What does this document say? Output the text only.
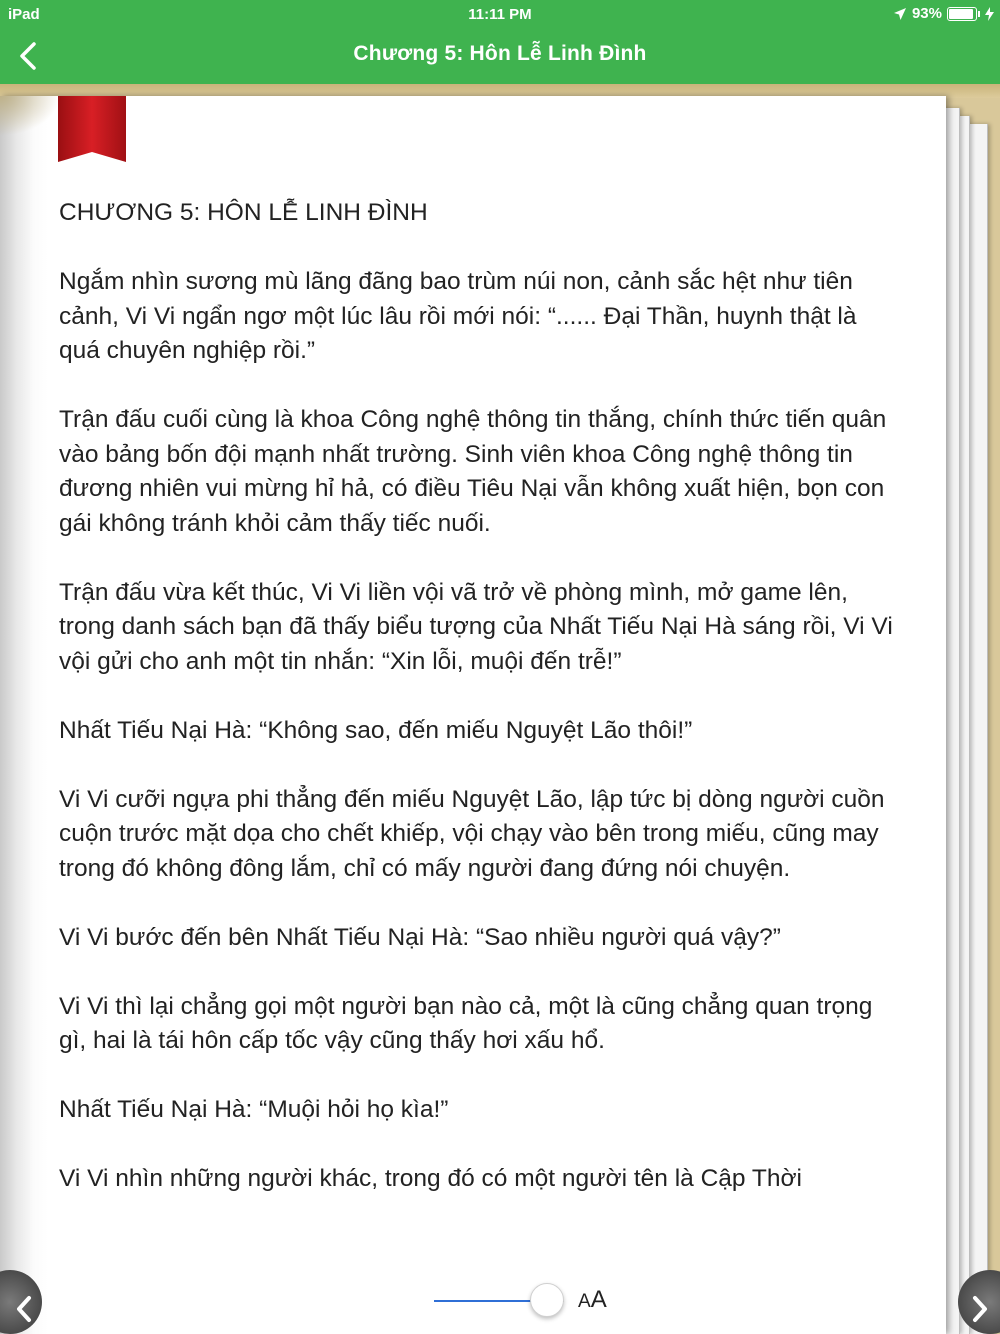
iPad	11:11 PM	93%
Chương 5: Hôn Lễ Linh Đình
CHƯƠNG 5: HÔN LỄ LINH ĐÌNH
Ngắm nhìn sương mù lãng đãng bao trùm núi non, cảnh sắc hệt như tiên cảnh, Vi Vi ngẩn ngơ một lúc lâu rồi mới nói: “...... Đại Thần, huynh thật là quá chuyên nghiệp rồi.”
Trận đấu cuối cùng là khoa Công nghệ thông tin thắng, chính thức tiến quân vào bảng bốn đội mạnh nhất trường. Sinh viên khoa Công nghệ thông tin đương nhiên vui mừng hỉ hả, có điều Tiêu Nại vẫn không xuất hiện, bọn con gái không tránh khỏi cảm thấy tiếc nuối.
Trận đấu vừa kết thúc, Vi Vi liền vội vã trở về phòng mình, mở game lên, trong danh sách bạn đã thấy biểu tượng của Nhất Tiếu Nại Hà sáng rồi, Vi Vi vội gửi cho anh một tin nhắn: “Xin lỗi, muội đến trễ!”
Nhất Tiếu Nại Hà: “Không sao, đến miếu Nguyệt Lão thôi!”
Vi Vi cưỡi ngựa phi thẳng đến miếu Nguyệt Lão, lập tức bị dòng người cuồn cuộn trước mặt dọa cho chết khiếp, vội chạy vào bên trong miếu, cũng may trong đó không đông lắm, chỉ có mấy người đang đứng nói chuyện.
Vi Vi bước đến bên Nhất Tiếu Nại Hà: “Sao nhiều người quá vậy?”
Vi Vi thì lại chẳng gọi một người bạn nào cả, một là cũng chẳng quan trọng gì, hai là tái hôn cấp tốc vậy cũng thấy hơi xấu hổ.
Nhất Tiếu Nại Hà: “Muội hỏi họ kìa!”
Vi Vi nhìn những người khác, trong đó có một người tên là Cập Thời
AA
